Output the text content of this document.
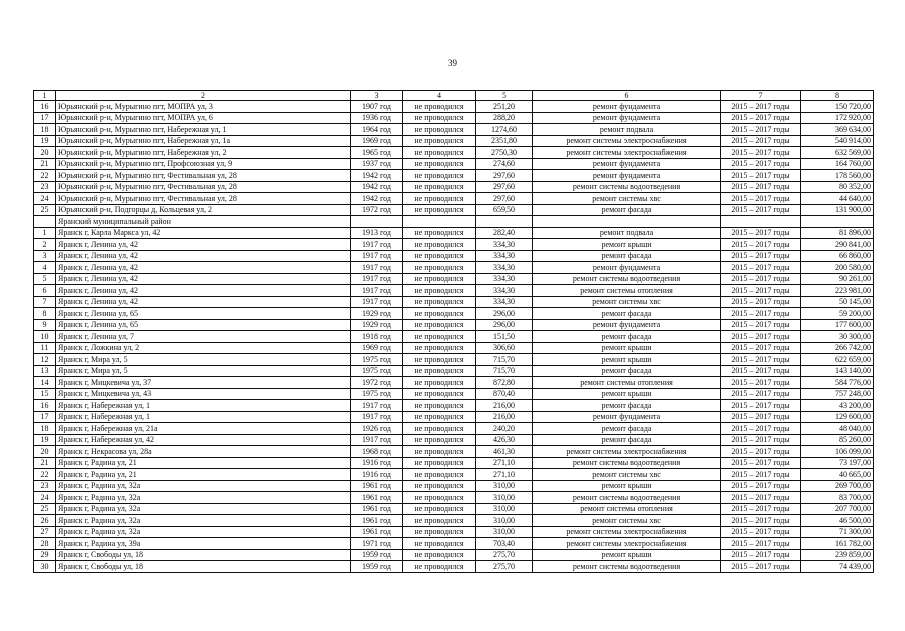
39
1	2	3	4	5	6	7	8
16	Юрьянский р-н, Мурыгино пгт, МОПРА ул, 3	1907 год	не проводился	251,20	ремонт фундамента	2015 – 2017 годы	150 720,00
17	Юрьянский р-н, Мурыгино пгт, МОПРА ул, 6	1936 год	не проводился	288,20	ремонт фундамента	2015 – 2017 годы	172 920,00
18	Юрьянский р-н, Мурыгино пгт, Набережная ул, 1	1964 год	не проводился	1274,60	ремонт подвала	2015 – 2017 годы	369 634,00
19	Юрьянский р-н, Мурыгино пгт, Набережная ул, 1а	1969 год	не проводился	2351,80	ремонт системы электроснабжения	2015 – 2017 годы	540 914,00
20	Юрьянский р-н, Мурыгино пгт, Набережная ул, 2	1965 год	не проводился	2750,30	ремонт системы электроснабжения	2015 – 2017 годы	632 569,00
21	Юрьянский р-н, Мурыгино пгт, Профсоюзная ул, 9	1937 год	не проводился	274,60	ремонт фундамента	2015 – 2017 годы	164 760,00
22	Юрьянский р-н, Мурыгино пгт, Фестивальная ул, 28	1942 год	не проводился	297,60	ремонт фундамента	2015 – 2017 годы	178 560,00
23	Юрьянский р-н, Мурыгино пгт, Фестивальная ул, 28	1942 год	не проводился	297,60	ремонт системы водоотведения	2015 – 2017 годы	80 352,00
24	Юрьянский р-н, Мурыгино пгт, Фестивальная ул, 28	1942 год	не проводился	297,60	ремонт системы хвс	2015 – 2017 годы	44 640,00
25	Юрьянский р-н, Подгорцы д, Кольцевая ул, 2	1972 год	не проводился	659,50	ремонт фасада	2015 – 2017 годы	131 900,00
	Яранский муниципальный район						
1	Яранск г, Карла Маркса ул, 42	1913 год	не проводился	282,40	ремонт подвала	2015 – 2017 годы	81 896,00
2	Яранск г, Ленина ул, 42	1917 год	не проводился	334,30	ремонт крыши	2015 – 2017 годы	290 841,00
3	Яранск г, Ленина ул, 42	1917 год	не проводился	334,30	ремонт фасада	2015 – 2017 годы	66 860,00
4	Яранск г, Ленина ул, 42	1917 год	не проводился	334,30	ремонт фундамента	2015 – 2017 годы	200 580,00
5	Яранск г, Ленина ул, 42	1917 год	не проводился	334,30	ремонт системы водоотведения	2015 – 2017 годы	90 261,00
6	Яранск г, Ленина ул, 42	1917 год	не проводился	334,30	ремонт системы отопления	2015 – 2017 годы	223 981,00
7	Яранск г, Ленина ул, 42	1917 год	не проводился	334,30	ремонт системы хвс	2015 – 2017 годы	50 145,00
8	Яранск г, Ленина ул, 65	1929 год	не проводился	296,00	ремонт фасада	2015 – 2017 годы	59 200,00
9	Яранск г, Ленина ул, 65	1929 год	не проводился	296,00	ремонт фундамента	2015 – 2017 годы	177 600,00
10	Яранск г, Ленина ул, 7	1918 год	не проводился	151,50	ремонт фасада	2015 – 2017 годы	30 300,00
11	Яранск г, Ложкина ул, 2	1969 год	не проводился	306,60	ремонт крыши	2015 – 2017 годы	266 742,00
12	Яранск г, Мира ул, 5	1975 год	не проводился	715,70	ремонт крыши	2015 – 2017 годы	622 659,00
13	Яранск г, Мира ул, 5	1975 год	не проводился	715,70	ремонт фасада	2015 – 2017 годы	143 140,00
14	Яранск г, Мицкевича ул, 37	1972 год	не проводился	872,80	ремонт системы отопления	2015 – 2017 годы	584 776,00
15	Яранск г, Мицкевича ул, 43	1975 год	не проводился	870,40	ремонт крыши	2015 – 2017 годы	757 248,00
16	Яранск г, Набережная ул, 1	1917 год	не проводился	216,00	ремонт фасада	2015 – 2017 годы	43 200,00
17	Яранск г, Набережная ул, 1	1917 год	не проводился	216,00	ремонт фундамента	2015 – 2017 годы	129 600,00
18	Яранск г, Набережная ул, 21а	1926 год	не проводился	240,20	ремонт фасада	2015 – 2017 годы	48 040,00
19	Яранск г, Набережная ул, 42	1917 год	не проводился	426,30	ремонт фасада	2015 – 2017 годы	85 260,00
20	Яранск г, Некрасова ул, 28а	1968 год	не проводился	461,30	ремонт системы электроснабжения	2015 – 2017 годы	106 099,00
21	Яранск г, Радина ул, 21	1916 год	не проводился	271,10	ремонт системы водоотведения	2015 – 2017 годы	73 197,00
22	Яранск г, Радина ул, 21	1916 год	не проводился	271,10	ремонт системы хвс	2015 – 2017 годы	40 665,00
23	Яранск г, Радина ул, 32а	1961 год	не проводился	310,00	ремонт крыши	2015 – 2017 годы	269 700,00
24	Яранск г, Радина ул, 32а	1961 год	не проводился	310,00	ремонт системы водоотведения	2015 – 2017 годы	83 700,00
25	Яранск г, Радина ул, 32а	1961 год	не проводился	310,00	ремонт системы отопления	2015 – 2017 годы	207 700,00
26	Яранск г, Радина ул, 32а	1961 год	не проводился	310,00	ремонт системы хвс	2015 – 2017 годы	46 500,00
27	Яранск г, Радина ул, 32а	1961 год	не проводился	310,00	ремонт системы электроснабжения	2015 – 2017 годы	71 300,00
28	Яранск г, Радина ул, 39а	1971 год	не проводился	703,40	ремонт системы электроснабжения	2015 – 2017 годы	161 782,00
29	Яранск г, Свободы ул, 18	1959 год	не проводился	275,70	ремонт крыши	2015 – 2017 годы	239 859,00
30	Яранск г, Свободы ул, 18	1959 год	не проводился	275,70	ремонт системы водоотведения	2015 – 2017 годы	74 439,00
